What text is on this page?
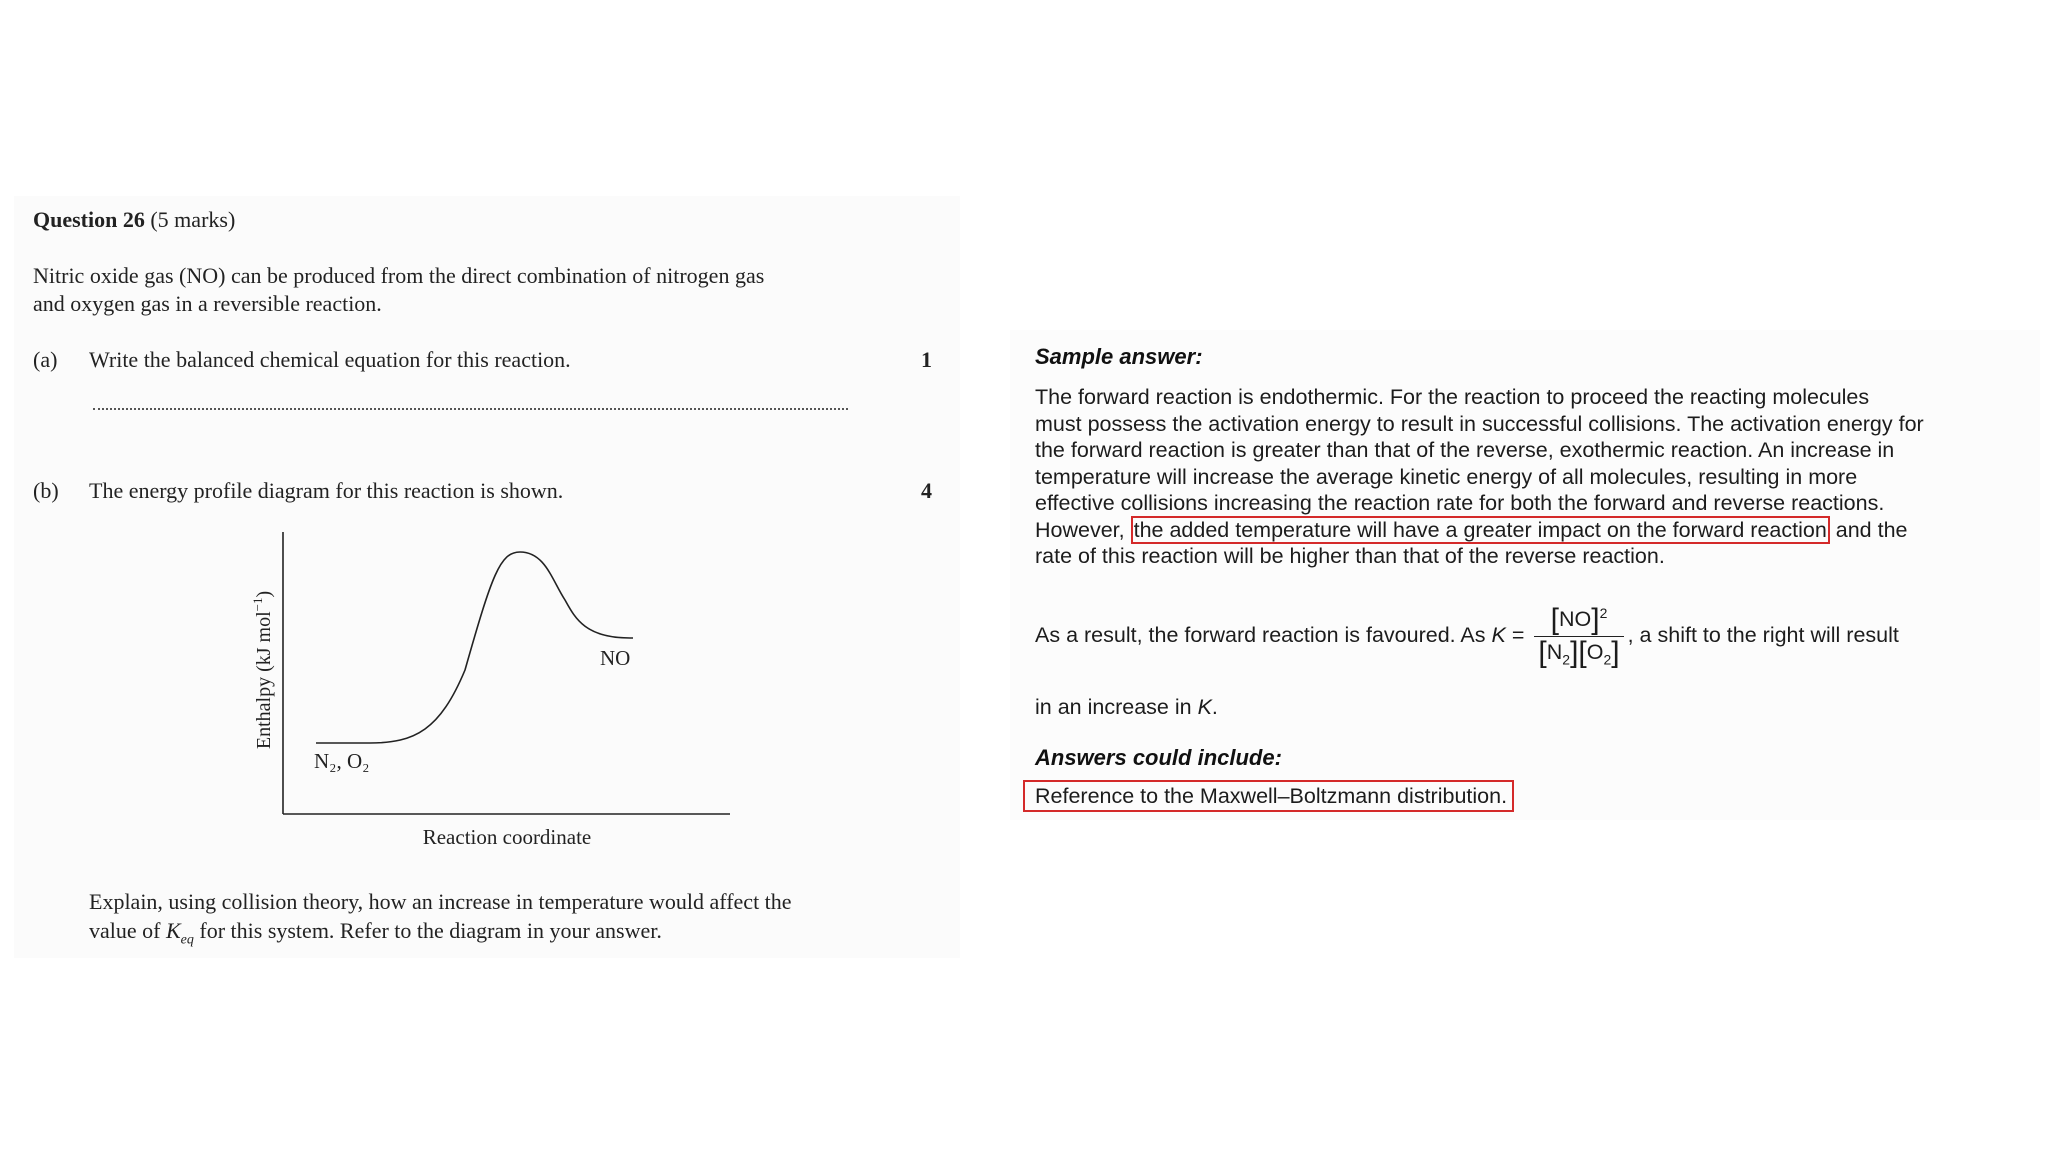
Question 26 (5 marks)
Nitric oxide gas (NO) can be produced from the direct combination of nitrogen gas
and oxygen gas in a reversible reaction.
(a) Write the balanced chemical equation for this reaction.	1
(b) The energy profile diagram for this reaction is shown.	4
Enthalpy (kJ mol$^{-1}$)
Reaction coordinate
N₂, O₂
NO
Explain, using collision theory, how an increase in temperature would affect the
value of $K_{eq}$ for this system. Refer to the diagram in your answer.
Sample answer:
The forward reaction is endothermic. For the reaction to proceed the reacting molecules
must possess the activation energy to result in successful collisions. The activation energy for
the forward reaction is greater than that of the reverse, exothermic reaction. An increase in
temperature will increase the average kinetic energy of all molecules, resulting in more
effective collisions increasing the reaction rate for both the forward and reverse reactions.
However, the added temperature will have a greater impact on the forward reaction and the
rate of this reaction will be higher than that of the reverse reaction.
As a result, the forward reaction is favoured. As $K = \frac{[NO]^2}{[N_2][O_2]}$ , a shift to the right will result
in an increase in K.
Answers could include:
Reference to the Maxwell–Boltzmann distribution.
